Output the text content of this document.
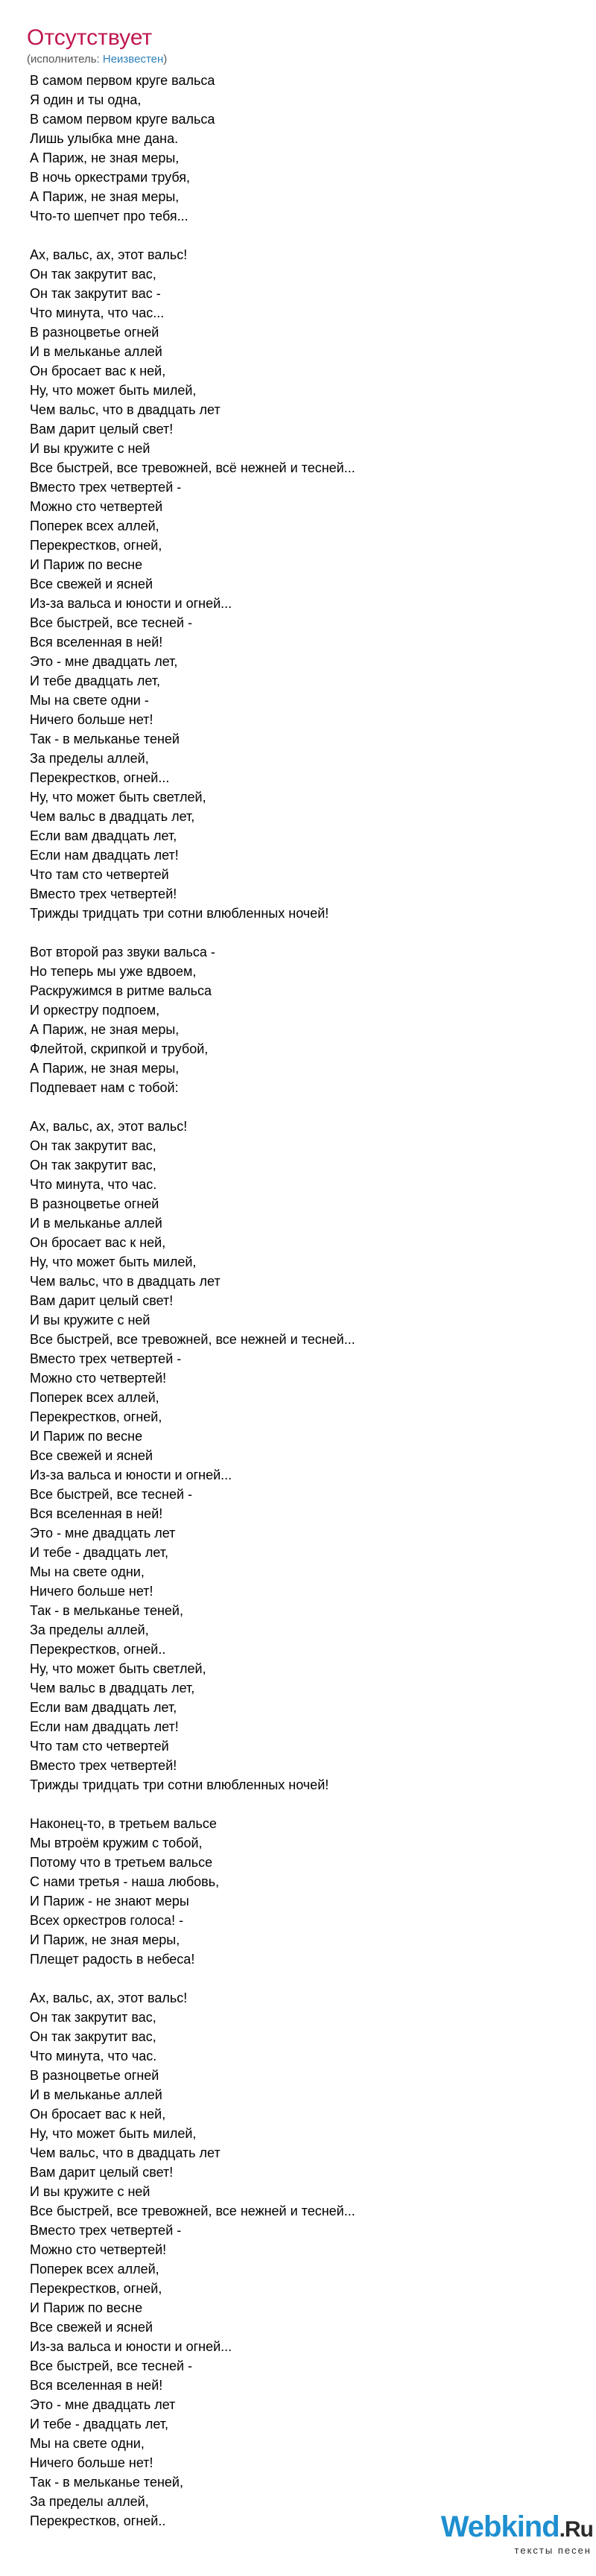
Отсутствует
(исполнитель: Неизвестен)
В самом первом круге вальса
Я один и ты одна,
В самом первом круге вальса
Лишь улыбка мне дана.
А Париж, не зная меры,
В ночь оркестрами трубя,
А Париж, не зная меры,
Что-то шепчет про тебя...
Ах, вальс, ах, этот вальс!
Он так закрутит вас,
Он так закрутит вас -
Что минута, что час...
В разноцветье огней
И в мельканье аллей
Он бросает вас к ней,
Ну, что может быть милей,
Чем вальс, что в двадцать лет
Вам дарит целый свет!
И вы кружите с ней
Все быстрей, все тревожней, всё нежней и тесней...
Вместо трех четвертей -
Можно сто четвертей
Поперек всех аллей,
Перекрестков, огней,
И Париж по весне
Все свежей и ясней
Из-за вальса и юности и огней...
Все быстрей, все тесней -
Вся вселенная в ней!
Это - мне двадцать лет,
И тебе двадцать лет,
Мы на свете одни -
Ничего больше нет!
Так - в мельканье теней
За пределы аллей,
Перекрестков, огней...
Ну, что может быть светлей,
Чем вальс в двадцать лет,
Если вам двадцать лет,
Если нам двадцать лет!
Что там сто четвертей
Вместо трех четвертей!
Трижды тридцать три сотни влюбленных ночей!
Вот второй раз звуки вальса -
Но теперь мы уже вдвоем,
Раскружимся в ритме вальса
И оркестру подпоем,
А Париж, не зная меры,
Флейтой, скрипкой и трубой,
А Париж, не зная меры,
Подпевает нам с тобой:
Ах, вальс, ах, этот вальс!
Он так закрутит вас,
Он так закрутит вас,
Что минута, что час.
В разноцветье огней
И в мельканье аллей
Он бросает вас к ней,
Ну, что может быть милей,
Чем вальс, что в двадцать лет
Вам дарит целый свет!
И вы кружите с ней
Все быстрей, все тревожней, все нежней и тесней...
Вместо трех четвертей -
Можно сто четвертей!
Поперек всех аллей,
Перекрестков, огней,
И Париж по весне
Все свежей и ясней
Из-за вальса и юности и огней...
Все быстрей, все тесней -
Вся вселенная в ней!
Это - мне двадцать лет
И тебе - двадцать лет,
Мы на свете одни,
Ничего больше нет!
Так - в мельканье теней,
За пределы аллей,
Перекрестков, огней..
Ну, что может быть светлей,
Чем вальс в двадцать лет,
Если вам двадцать лет,
Если нам двадцать лет!
Что там сто четвертей
Вместо трех четвертей!
Трижды тридцать три сотни влюбленных ночей!
Наконец-то, в третьем вальсе
Мы втроём кружим с тобой,
Потому что в третьем вальсе
С нами третья - наша любовь,
И Париж - не знают меры
Всех оркестров голоса! -
И Париж, не зная меры,
Плещет радость в небеса!
Ах, вальс, ах, этот вальс!
Он так закрутит вас,
Он так закрутит вас,
Что минута, что час.
В разноцветье огней
И в мельканье аллей
Он бросает вас к ней,
Ну, что может быть милей,
Чем вальс, что в двадцать лет
Вам дарит целый свет!
И вы кружите с ней
Все быстрей, все тревожней, все нежней и тесней...
Вместо трех четвертей -
Можно сто четвертей!
Поперек всех аллей,
Перекрестков, огней,
И Париж по весне
Все свежей и ясней
Из-за вальса и юности и огней...
Все быстрей, все тесней -
Вся вселенная в ней!
Это - мне двадцать лет
И тебе - двадцать лет,
Мы на свете одни,
Ничего больше нет!
Так - в мельканье теней,
За пределы аллей,
Перекрестков, огней..	Webkind.Ru
тексты песен
